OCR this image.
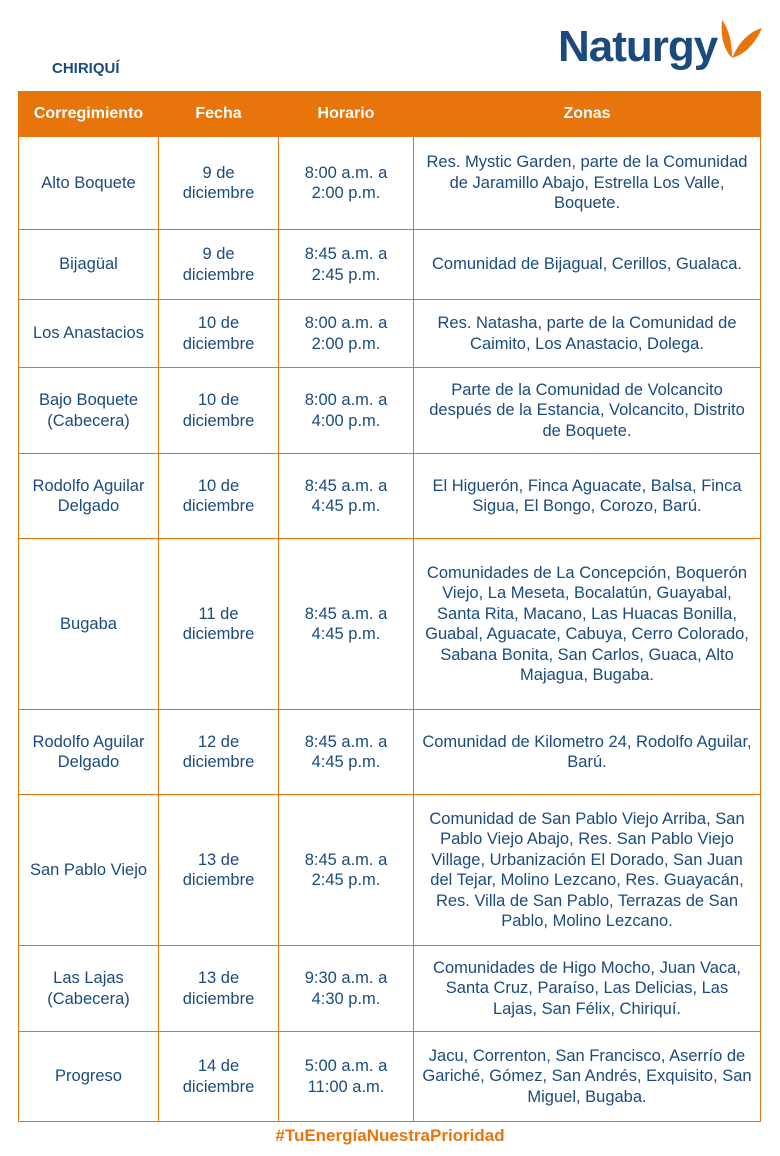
CHIRIQUÍ	Naturgy
Corregimiento	Fecha	Horario	Zonas
Alto Boquete	9 de diciembre	8:00 a.m. a 2:00 p.m.	Res. Mystic Garden, parte de la Comunidad de Jaramillo Abajo, Estrella Los Valle, Boquete.
Bijagüal	9 de diciembre	8:45 a.m. a 2:45 p.m.	Comunidad de Bijagual, Cerillos, Gualaca.
Los Anastacios	10 de diciembre	8:00 a.m. a 2:00 p.m.	Res. Natasha, parte de la Comunidad de Caimito, Los Anastacio, Dolega.
Bajo Boquete (Cabecera)	10 de diciembre	8:00 a.m. a 4:00 p.m.	Parte de la Comunidad de Volcancito después de la Estancia, Volcancito, Distrito de Boquete.
Rodolfo Aguilar Delgado	10 de diciembre	8:45 a.m. a 4:45 p.m.	El Higuerón, Finca Aguacate, Balsa, Finca Sigua, El Bongo, Corozo, Barú.
Bugaba	11 de diciembre	8:45 a.m. a 4:45 p.m.	Comunidades de La Concepción, Boquerón Viejo, La Meseta, Bocalatún, Guayabal, Santa Rita, Macano, Las Huacas Bonilla, Guabal, Aguacate, Cabuya, Cerro Colorado, Sabana Bonita, San Carlos, Guaca, Alto Majagua, Bugaba.
Rodolfo Aguilar Delgado	12 de diciembre	8:45 a.m. a 4:45 p.m.	Comunidad de Kilometro 24, Rodolfo Aguilar, Barú.
San Pablo Viejo	13 de diciembre	8:45 a.m. a 2:45 p.m.	Comunidad de San Pablo Viejo Arriba, San Pablo Viejo Abajo, Res. San Pablo Viejo Village, Urbanización El Dorado, San Juan del Tejar, Molino Lezcano, Res. Guayacán, Res. Villa de San Pablo, Terrazas de San Pablo, Molino Lezcano.
Las Lajas (Cabecera)	13 de diciembre	9:30 a.m. a 4:30 p.m.	Comunidades de Higo Mocho, Juan Vaca, Santa Cruz, Paraíso, Las Delicias, Las Lajas, San Félix, Chiriquí.
Progreso	14 de diciembre	5:00 a.m. a 11:00 a.m.	Jacu, Correnton, San Francisco, Aserrío de Gariché, Gómez, San Andrés, Exquisito, San Miguel, Bugaba.
#TuEnergíaNuestraPrioridad
